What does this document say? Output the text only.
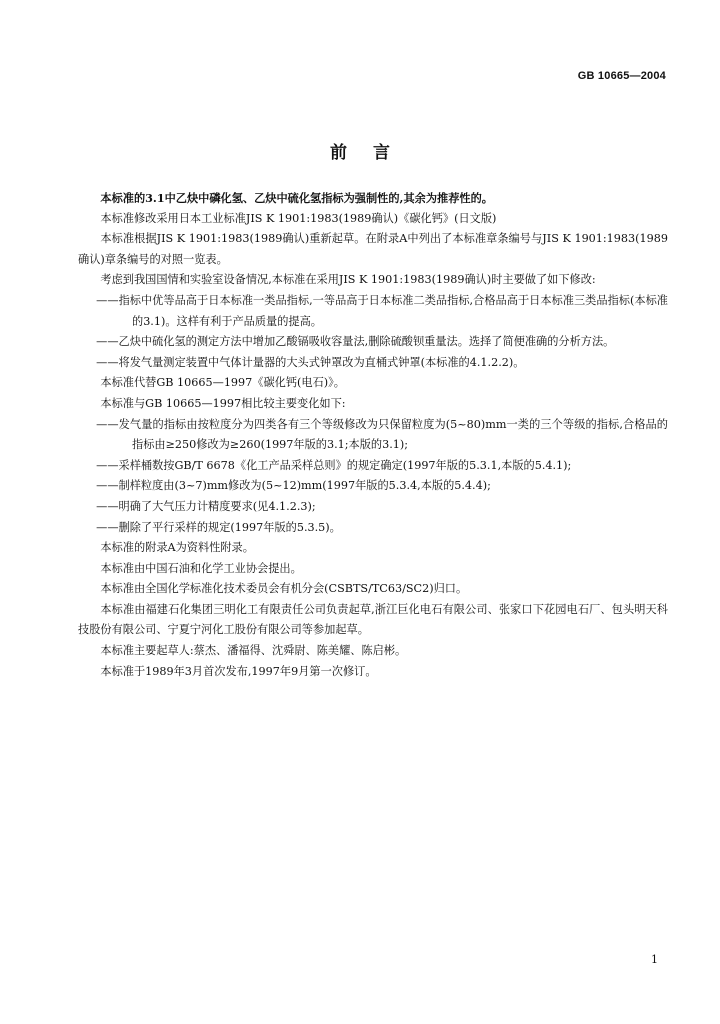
GB 10665—2004
前言

本标准的3.1中乙炔中磷化氢、乙炔中硫化氢指标为强制性的,其余为推荐性的。

本标准修改采用日本工业标准JIS K 1901:1983(1989确认)《碳化钙》(日文版)

本标准根据JIS K 1901:1983(1989确认)重新起草。在附录A中列出了本标准章条编号与JIS K 1901:1983(1989确认)章条编号的对照一览表。

考虑到我国国情和实验室设备情况,本标准在采用JIS K 1901:1983(1989确认)时主要做了如下修改:

——指标中优等品高于日本标准一类品指标,一等品高于日本标准二类品指标,合格品高于日本标准三类品指标(本标准的3.1)。这样有利于产品质量的提高。

——乙炔中硫化氢的测定方法中增加乙酸镉吸收容量法,删除硫酸钡重量法。选择了简便准确的分析方法。

——将发气量测定装置中气体计量器的大头式钟罩改为直桶式钟罩(本标准的4.1.2.2)。

本标准代替GB 10665—1997《碳化钙(电石)》。

本标准与GB 10665—1997相比较主要变化如下:

——发气量的指标由按粒度分为四类各有三个等级修改为只保留粒度为(5~80)mm一类的三个等级的指标,合格品的指标由≥250修改为≥260(1997年版的3.1;本版的3.1);

——采样桶数按GB/T 6678《化工产品采样总则》的规定确定(1997年版的5.3.1,本版的5.4.1);

——制样粒度由(3~7)mm修改为(5~12)mm(1997年版的5.3.4,本版的5.4.4);

——明确了大气压力计精度要求(见4.1.2.3);

——删除了平行采样的规定(1997年版的5.3.5)。

本标准的附录A为资料性附录。

本标准由中国石油和化学工业协会提出。

本标准由全国化学标准化技术委员会有机分会(CSBTS/TC63/SC2)归口。

本标准由福建石化集团三明化工有限责任公司负责起草,浙江巨化电石有限公司、张家口下花园电石厂、包头明天科技股份有限公司、宁夏宁河化工股份有限公司等参加起草。

本标准主要起草人:蔡杰、潘福得、沈舜尉、陈美耀、陈启彬。

本标准于1989年3月首次发布,1997年9月第一次修订。

1
